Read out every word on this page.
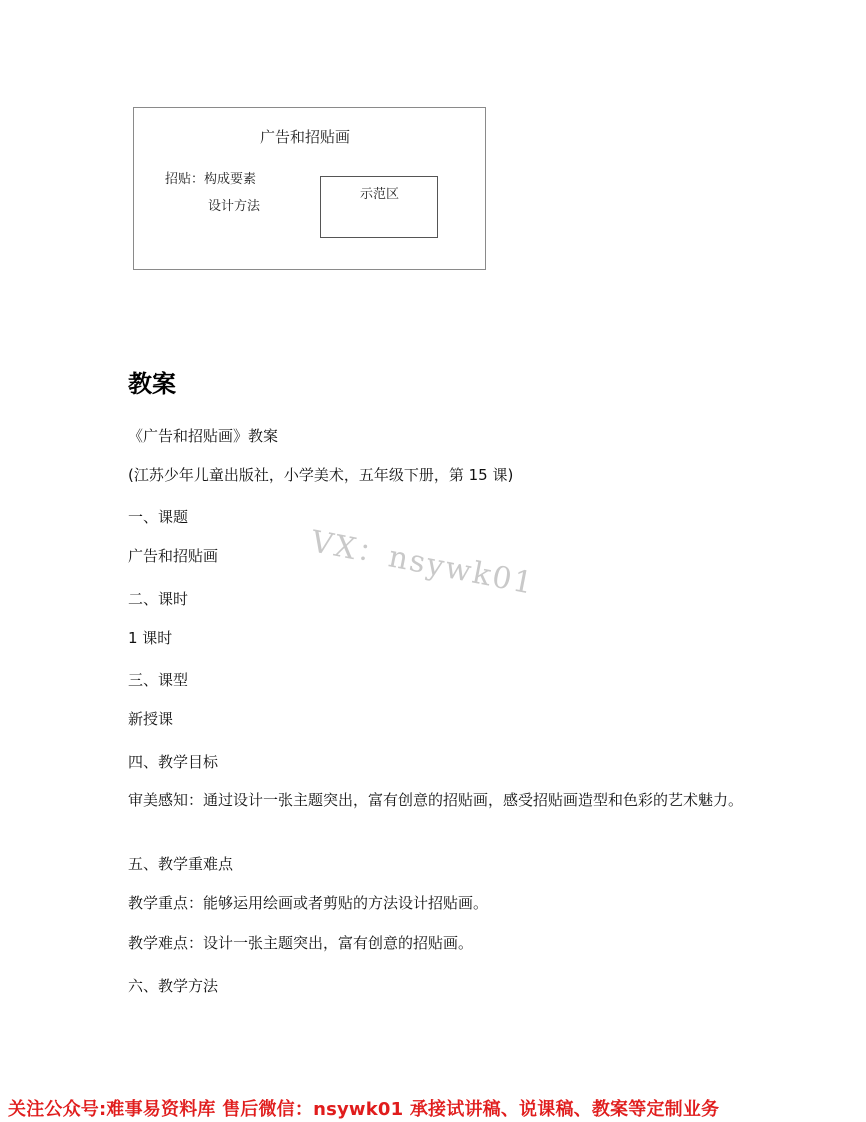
广告和招贴画
招贴：构成要素
设计方法
示范区
教案
《广告和招贴画》教案
(江苏少年儿童出版社，小学美术，五年级下册，第 15 课)
一、课题
广告和招贴画
二、课时
1 课时
三、课型
新授课
四、教学目标
审美感知：通过设计一张主题突出，富有创意的招贴画，感受招贴画造型和色彩的艺术魅力。
五、教学重难点
教学重点：能够运用绘画或者剪贴的方法设计招贴画。
教学难点：设计一张主题突出，富有创意的招贴画。
六、教学方法
VX：nsywk01
关注公众号:难事易资料库 售后微信：nsywk01 承接试讲稿、说课稿、教案等定制业务
